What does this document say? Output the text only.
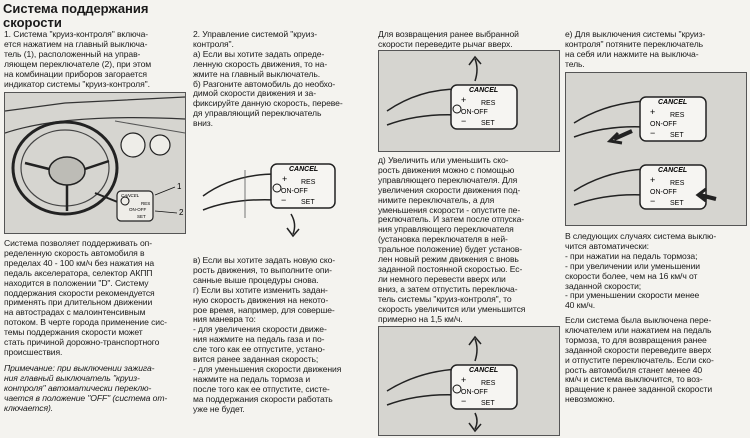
Система поддержания
скорости
1. Система "круиз-контроля" включа-
ется нажатием на главный выключа-
тель (1), расположенный на управ-
ляющем переключателе (2), при этом
на комбинации приборов загорается
индикатор системы "круиз-контроля".
1
2
CANCEL
RES
ON-OFF
SET
Система позволяет поддерживать оп-
ределенную скорость автомобиля в
пределах 40 - 100 км/ч без нажатия на
педаль акселератора, селектор АКПП
находится в положении "D". Систему
поддержания скорости рекомендуется
применять при длительном движении
на автострадах с малоинтенсивным
потоком. В черте города применение сис-
темы поддержания скорости может
стать причиной дорожно-транспортного
происшествия.
Примечание: при выключении зажига-
ния главный выключатель "круиз-
контроля" автоматически переклю-
чается в положение "OFF" (система от-
ключается).
2. Управление системой "круиз-
контроля".
а) Если вы хотите задать опреде-
ленную скорость движения, то на-
жмите на главный выключатель.
б) Разгоните автомобиль до необхо-
димой скорости движения и за-
фиксируйте данную скорость, переве-
дя управляющий переключатель
вниз.
CANCEL
+ RES
ON-OFF
− SET
в) Если вы хотите задать новую ско-
рость движения, то выполните опи-
санные выше процедуры снова.
г) Если вы хотите изменить задан-
ную скорость движения на некото-
рое время, например, для соверше-
ния маневра то:
- для увеличения скорости движе-
ния нажмите на педаль газа и по-
сле того как ее отпустите, устано-
вится ранее заданная скорость;
- для уменьшения скорости движения
нажмите на педаль тормоза и
после того как ее отпустите, систе-
ма поддержания скорости работать
уже не будет.
Для возвращения ранее выбранной
скорости переведите рычаг вверх.
CANCEL
+ RES
ON-OFF
− SET
д) Увеличить или уменьшить ско-
рость движения можно с помощью
управляющего переключателя. Для
увеличения скорости движения под-
нимите переключатель, а для
уменьшения скорости - опустите пе-
реключатель. И затем после отпуска-
ния управляющего переключателя
(установка переключателя в ней-
тральное положение) будет установ-
лен новый режим движения с вновь
заданной постоянной скоростью. Ес-
ли немного перевести вверх или
вниз, а затем отпустить переключа-
тель системы "круиз-контроля", то
скорость увеличится или уменьшится
примерно на 1,5 км/ч.
CANCEL
+ RES
ON-OFF
− SET
е) Для выключения системы "круиз-
контроля" потяните переключатель
на себя или нажмите на выключа-
тель.
CANCEL
+ RES
ON-OFF
− SET
CANCEL
+ RES
ON-OFF
− SET
В следующих случаях система выклю-
чится автоматически:
- при нажатии на педаль тормоза;
- при увеличении или уменьшении
скорости более, чем на 16 км/ч от
заданной скорости;
- при уменьшении скорости менее
40 км/ч.
Если система была выключена пере-
ключателем или нажатием на педаль
тормоза, то для возвращения ранее
заданной скорости переведите вверх
и отпустите переключатель. Если ско-
рость автомобиля станет менее 40
км/ч и система выключится, то воз-
вращение к ранее заданной скорости
невозможно.
